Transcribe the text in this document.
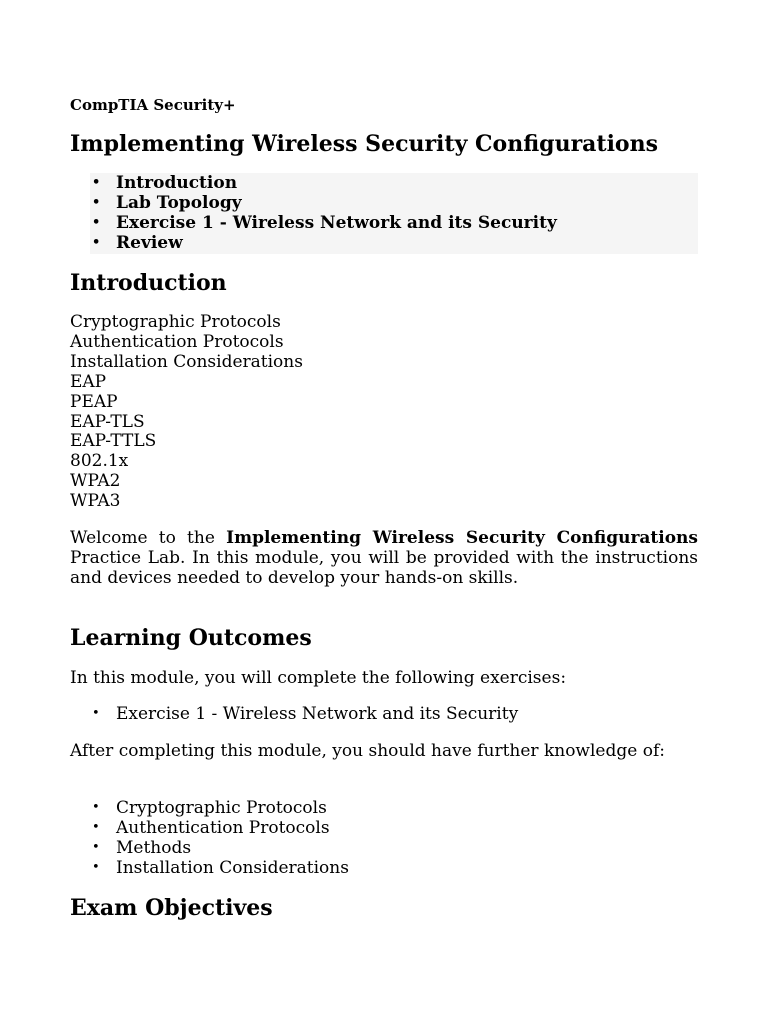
CompTIA Security+
Implementing Wireless Security Configurations
• Introduction
• Lab Topology
• Exercise 1 - Wireless Network and its Security
• Review
Introduction
Cryptographic Protocols
Authentication Protocols
Installation Considerations
EAP
PEAP
EAP-TLS
EAP-TTLS
802.1x
WPA2
WPA3

Welcome to the Implementing Wireless Security Configurations Practice Lab. In this module, you will be provided with the instructions and devices needed to develop your hands-on skills.

Learning Outcomes
In this module, you will complete the following exercises:
• Exercise 1 - Wireless Network and its Security

After completing this module, you should have further knowledge of:

• Cryptographic Protocols
• Authentication Protocols
• Methods
• Installation Considerations
Exam Objectives
